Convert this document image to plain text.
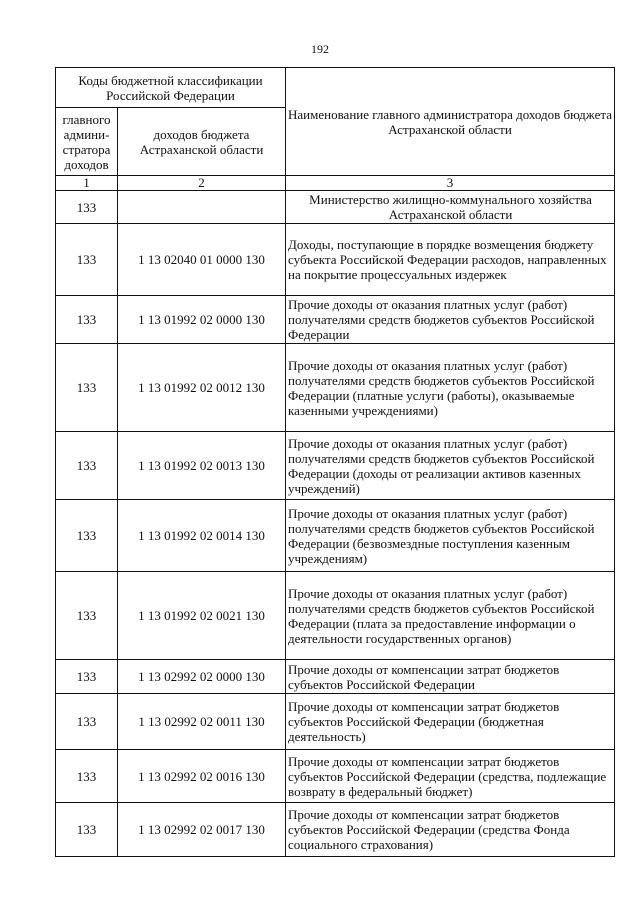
192
Коды бюджетной классификации Российской Федерации		Наименование главного администратора доходов бюджета Астраханской области
главного админи-стратора доходов	доходов бюджета Астраханской области	
1	2	3
133		Министерство жилищно-коммунального хозяйства Астраханской области
133	1 13 02040 01 0000 130	Доходы, поступающие в порядке возмещения бюджету субъекта Российской Федерации расходов, направленных на покрытие процессуальных издержек
133	1 13 01992 02 0000 130	Прочие доходы от оказания платных услуг (работ) получателями средств бюджетов субъектов Российской Федерации
133	1 13 01992 02 0012 130	Прочие доходы от оказания платных услуг (работ) получателями средств бюджетов субъектов Российской Федерации (платные услуги (работы), оказываемые казенными учреждениями)
133	1 13 01992 02 0013 130	Прочие доходы от оказания платных услуг (работ) получателями средств бюджетов субъектов Российской Федерации (доходы от реализации активов казенных учреждений)
133	1 13 01992 02 0014 130	Прочие доходы от оказания платных услуг (работ) получателями средств бюджетов субъектов Российской Федерации (безвозмездные поступления казенным учреждениям)
133	1 13 01992 02 0021 130	Прочие доходы от оказания платных услуг (работ) получателями средств бюджетов субъектов Российской Федерации (плата за предоставление информации о деятельности государственных органов)
133	1 13 02992 02 0000 130	Прочие доходы от компенсации затрат бюджетов субъектов Российской Федерации
133	1 13 02992 02 0011 130	Прочие доходы от компенсации затрат бюджетов субъектов Российской Федерации (бюджетная деятельность)
133	1 13 02992 02 0016 130	Прочие доходы от компенсации затрат бюджетов субъектов Российской Федерации (средства, подлежащие возврату в федеральный бюджет)
133	1 13 02992 02 0017 130	Прочие доходы от компенсации затрат бюджетов субъектов Российской Федерации (средства Фонда социального страхования)
